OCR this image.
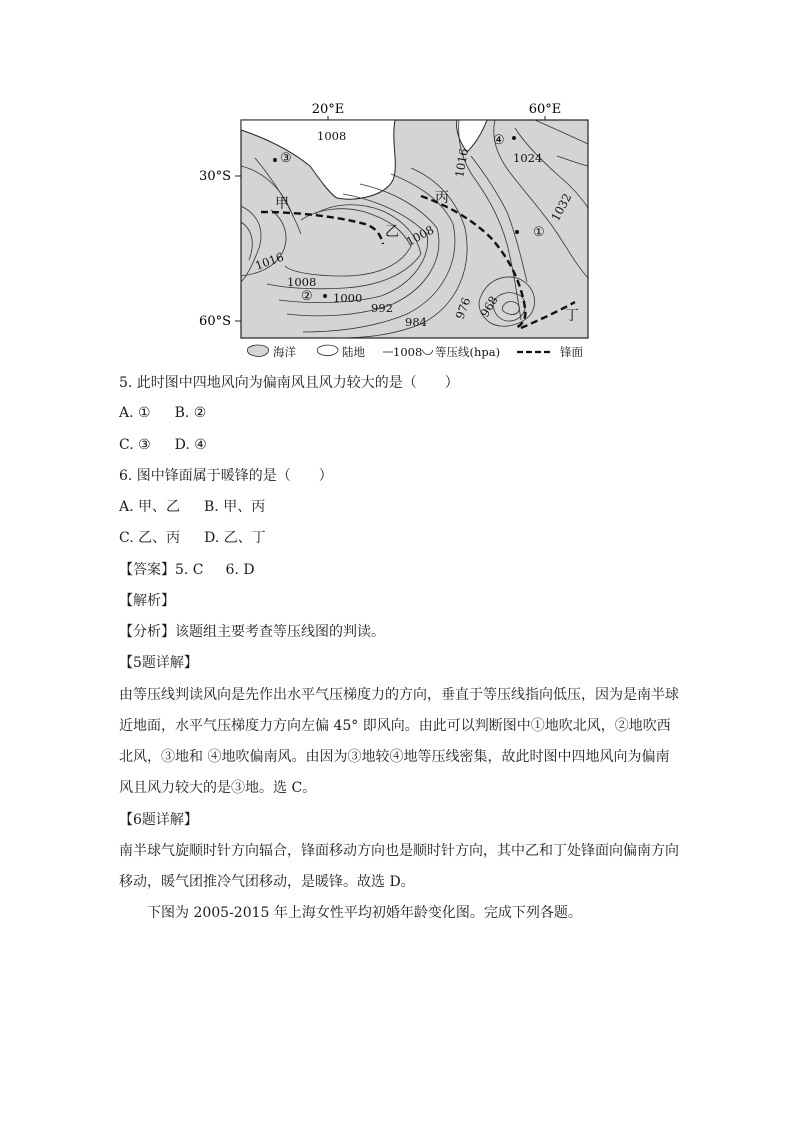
20°E	60°E
30°S
60°S
1008
1016	1024
1032
1008
1016
1008
1000
992
984
976 968
甲
乙
丙
丁
③
④
①
②
海洋	陆地 1008 等压线(hpa)	锋面
5. 此时图中四地风向为偏南风且风力较大的是（　　）
A. ① B. ②
C. ③ D. ④
6. 图中锋面属于暖锋的是（　　）
A. 甲、乙 B. 甲、丙
C. 乙、丙 D. 乙、丁
【答案】5. C 6. D
【解析】
【分析】该题组主要考查等压线图的判读。
【5题详解】
由等压线判读风向是先作出水平气压梯度力的方向，垂直于等压线指向低压，因为是南半球近地面，水平气压梯度力方向左偏 45° 即风向。由此可以判断图中①地吹北风，②地吹西北风，③地和 ④地吹偏南风。由因为③地较④地等压线密集，故此时图中四地风向为偏南风且风力较大的是③地。选 C。
【6题详解】
南半球气旋顺时针方向辐合，锋面移动方向也是顺时针方向，其中乙和丁处锋面向偏南方向移动，暖气团推冷气团移动，是暖锋。故选 D。
下图为 2005-2015 年上海女性平均初婚年龄变化图。完成下列各题。
